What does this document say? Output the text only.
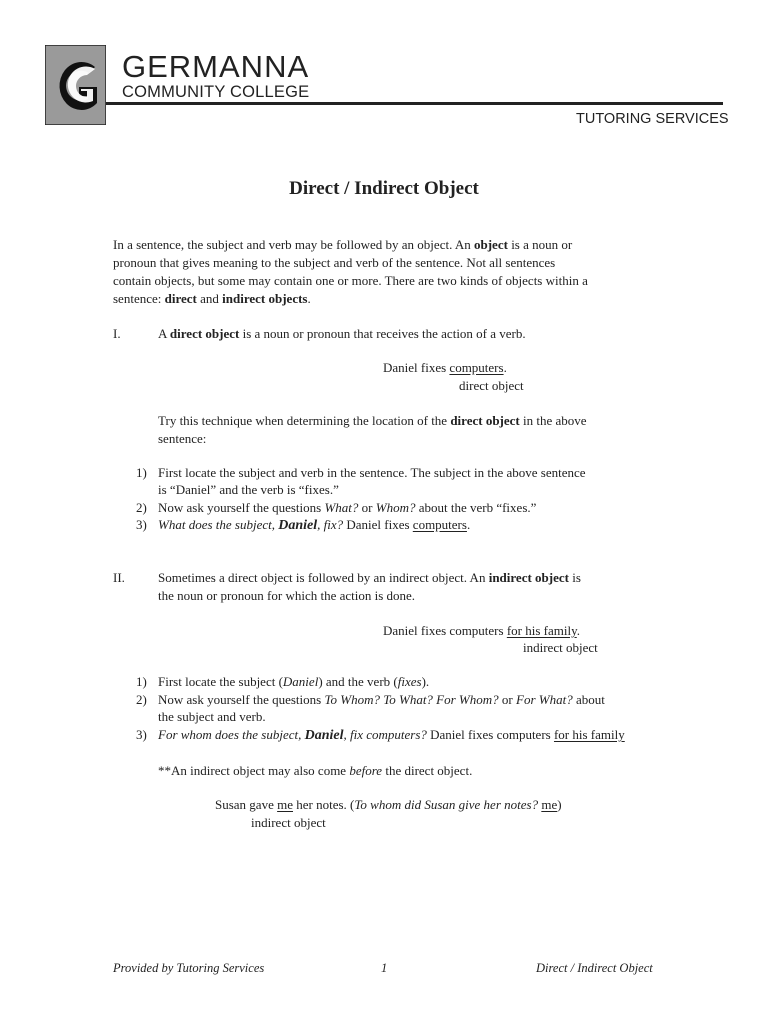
GERMANNA
COMMUNITY COLLEGE
TUTORING SERVICES
Direct / Indirect Object
In a sentence, the subject and verb may be followed by an object. An object is a noun or
pronoun that gives meaning to the subject and verb of the sentence. Not all sentences
contain objects, but some may contain one or more. There are two kinds of objects within a
sentence: direct and indirect objects.
I.	A direct object is a noun or pronoun that receives the action of a verb.
Daniel fixes computers.
direct object
Try this technique when determining the location of the direct object in the above
sentence:
1) First locate the subject and verb in the sentence. The subject in the above sentence
is “Daniel” and the verb is “fixes.”
2) Now ask yourself the questions What? or Whom? about the verb “fixes.”
3) What does the subject, Daniel, fix? Daniel fixes computers.
II.	Sometimes a direct object is followed by an indirect object. An indirect object is
the noun or pronoun for which the action is done.
Daniel fixes computers for his family.
indirect object
1) First locate the subject (Daniel) and the verb (fixes).
2) Now ask yourself the questions To Whom? To What? For Whom? or For What? about
the subject and verb.
3) For whom does the subject, Daniel, fix computers? Daniel fixes computers for his family
**An indirect object may also come before the direct object.
Susan gave me her notes. (To whom did Susan give her notes? me)
indirect object
Provided by Tutoring Services	1	Direct / Indirect Object
